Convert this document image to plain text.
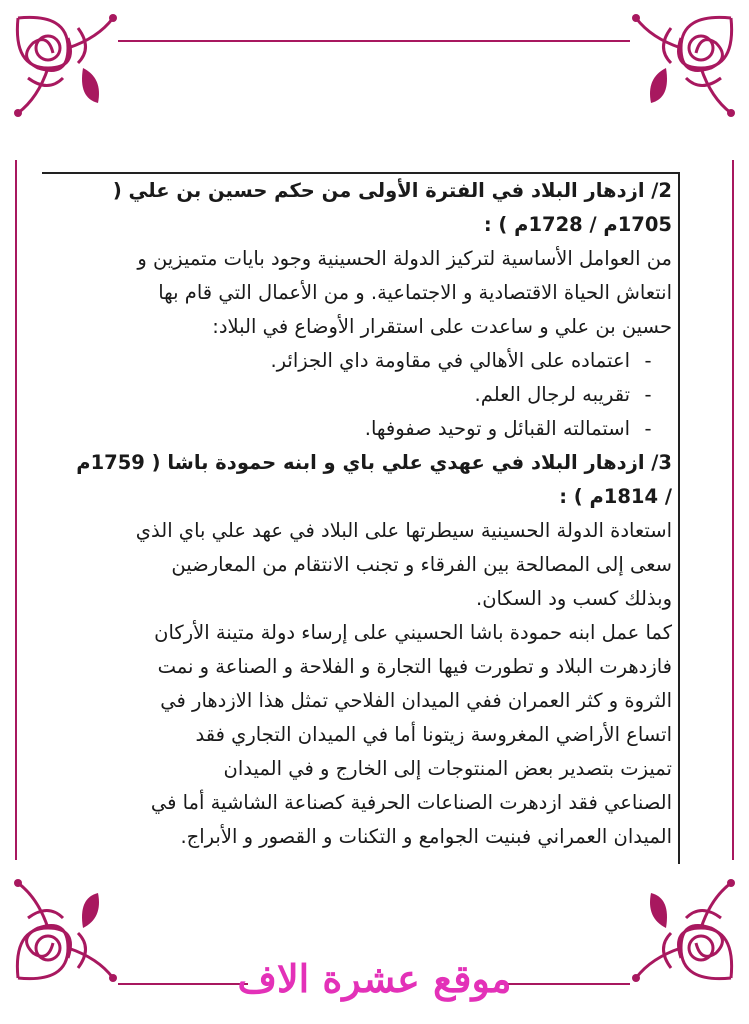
2/ ازدهار البلاد في الفترة الأولى من حكم حسين بن علي (
1705م / 1728م ) :
من العوامل الأساسية لتركيز الدولة الحسينية وجود بايات متميزين و
انتعاش الحياة الاقتصادية و الاجتماعية. و من الأعمال التي قام بها
حسين بن علي و ساعدت على استقرار الأوضاع في البلاد:
-اعتماده على الأهالي في مقاومة داي الجزائر.
-تقريبه لرجال العلم.
-استمالته القبائل و توحيد صفوفها.
3/ ازدهار البلاد في عهدي علي باي و ابنه حمودة باشا ( 1759م
/ 1814م ) :
استعادة الدولة الحسينية سيطرتها على البلاد في عهد علي باي الذي
سعى إلى المصالحة بين الفرقاء و تجنب الانتقام من المعارضين
وبذلك كسب ود السكان.
كما عمل ابنه حمودة باشا الحسيني على إرساء دولة متينة الأركان
فازدهرت البلاد و تطورت فيها التجارة و الفلاحة و الصناعة و نمت
الثروة و كثر العمران ففي الميدان الفلاحي تمثل هذا الازدهار في
اتساع الأراضي المغروسة زيتونا أما في الميدان التجاري فقد
تميزت بتصدير بعض المنتوجات إلى الخارج و في الميدان
الصناعي فقد ازدهرت الصناعات الحرفية كصناعة الشاشية أما في
الميدان العمراني فبنيت الجوامع و التكنات و القصور و الأبراج.
موقع عشرة الاف
